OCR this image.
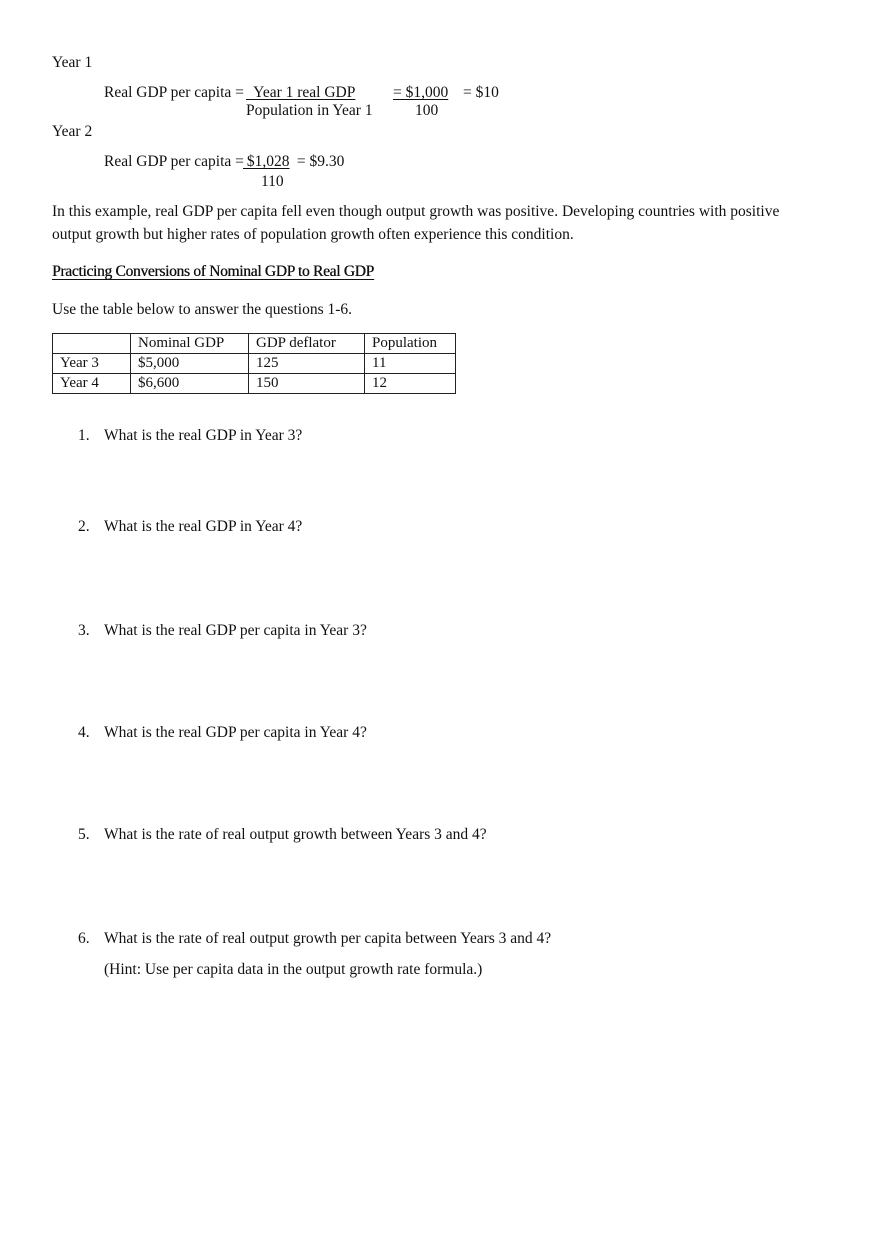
Year 1
Real GDP per capita = Year 1 real GDP
Population in Year 1
= $1,000
100
= $10
Year 2
Real GDP per capita = $1,028 = $9.30
110
In this example, real GDP per capita fell even though output growth was positive. Developing countries with positive output growth but higher rates of population growth often experience this condition.
Practicing Conversions of Nominal GDP to Real GDP
Use the table below to answer the questions 1-6.
	Nominal GDP	GDP deflator	Population
Year 3	$5,000	125	11
Year 4	$6,600	150	12
1. What is the real GDP in Year 3?
2. What is the real GDP in Year 4?
3. What is the real GDP per capita in Year 3?
4. What is the real GDP per capita in Year 4?
5. What is the rate of real output growth between Years 3 and 4?
6. What is the rate of real output growth per capita between Years 3 and 4?
(Hint: Use per capita data in the output growth rate formula.)
